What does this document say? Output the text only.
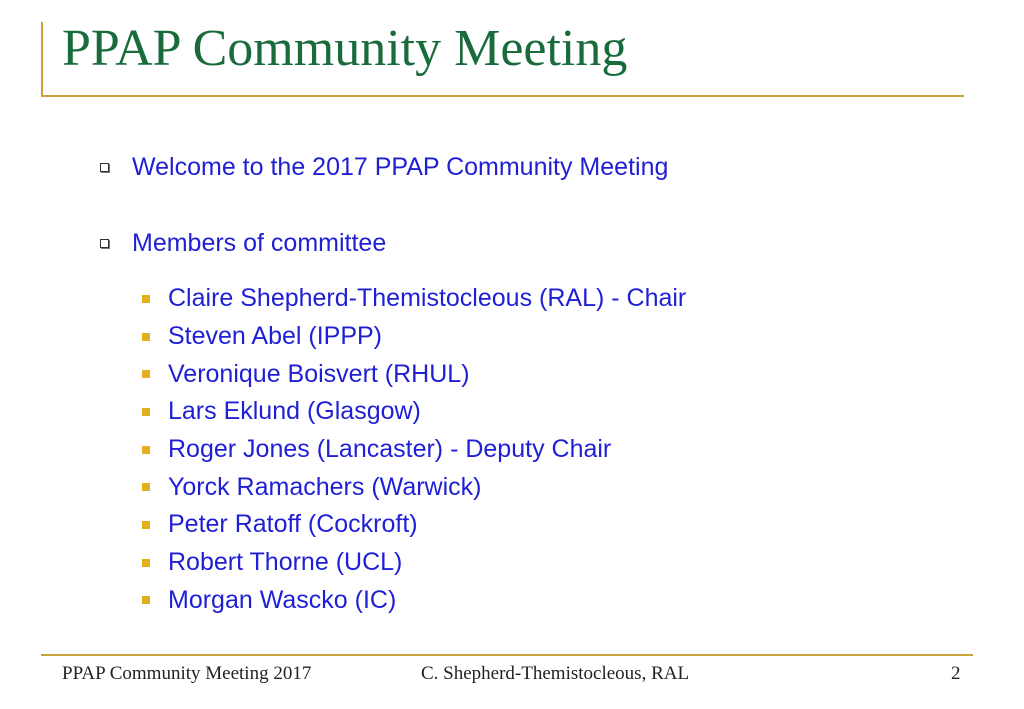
PPAP Community Meeting
Welcome to the 2017 PPAP Community Meeting
Members of committee
Claire Shepherd-Themistocleous (RAL) - Chair
Steven Abel (IPPP)
Veronique Boisvert (RHUL)
Lars Eklund (Glasgow)
Roger Jones (Lancaster) - Deputy Chair
Yorck Ramachers (Warwick)
Peter Ratoff (Cockroft)
Robert Thorne (UCL)
Morgan Wascko (IC)
PPAP Community Meeting 2017	C. Shepherd-Themistocleous, RAL	2
